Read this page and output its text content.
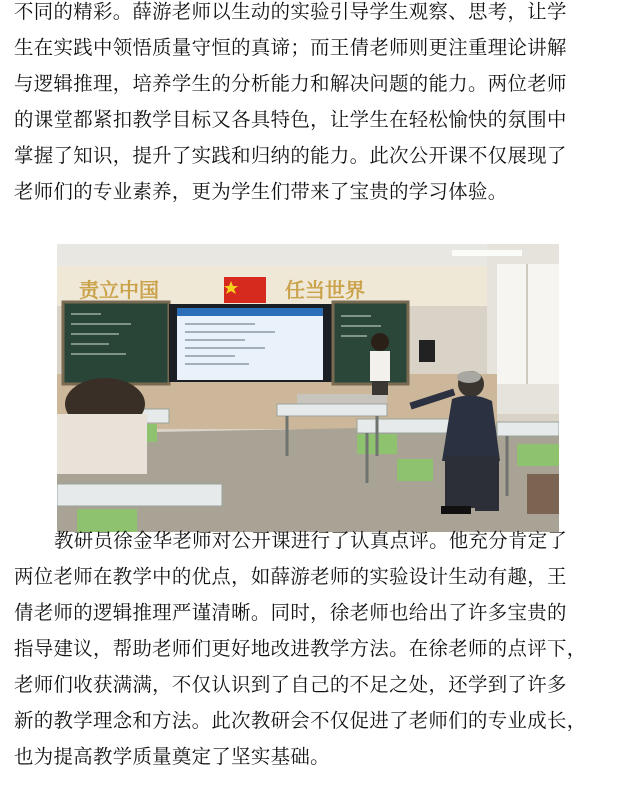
不同的精彩。薛游老师以生动的实验引导学生观察、思考，让学
生在实践中领悟质量守恒的真谛；而王倩老师则更注重理论讲解
与逻辑推理，培养学生的分析能力和解决问题的能力。两位老师
的课堂都紧扣教学目标又各具特色，让学生在轻松愉快的氛围中
掌握了知识，提升了实践和归纳的能力。此次公开课不仅展现了
老师们的专业素养，更为学生们带来了宝贵的学习体验。
责立中国	任当世界
教研员徐金华老师对公开课进行了认真点评。他充分肯定了
两位老师在教学中的优点，如薛游老师的实验设计生动有趣，王
倩老师的逻辑推理严谨清晰。同时，徐老师也给出了许多宝贵的
指导建议，帮助老师们更好地改进教学方法。在徐老师的点评下，
老师们收获满满，不仅认识到了自己的不足之处，还学到了许多
新的教学理念和方法。此次教研会不仅促进了老师们的专业成长，
也为提高教学质量奠定了坚实基础。
